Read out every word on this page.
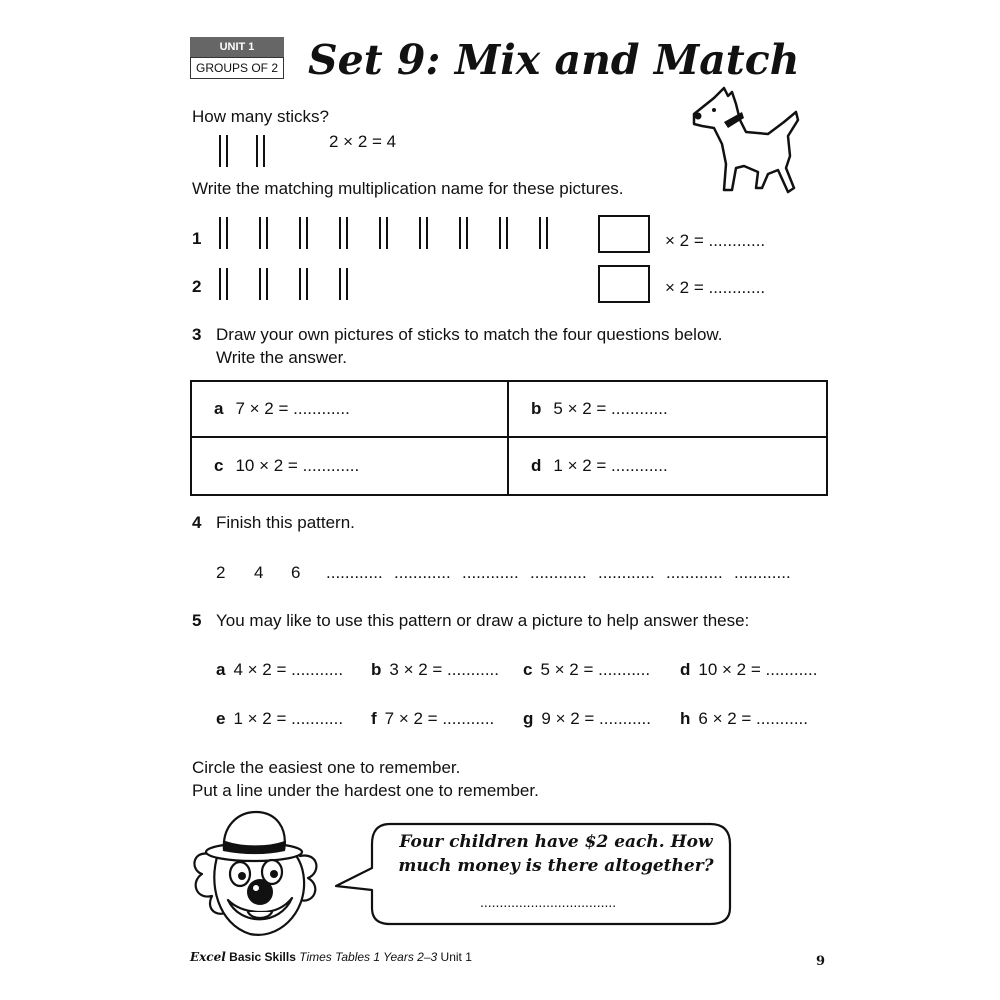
UNIT 1
GROUPS OF 2 Set 9: Mix and Match
How many sticks?
2 × 2 = 4
Write the matching multiplication name for these pictures.
1	× 2 = ............
2	× 2 = ............
3 Draw your own pictures of sticks to match the four questions below.
Write the answer.
a 7 × 2 = ............	b 5 × 2 = ............
c 10 × 2 = ............	d 1 × 2 = ............
4 Finish this pattern.
2	4	6	............ ............ ............ ............ ............ ............ ............
5 You may like to use this pattern or draw a picture to help answer these:
a 4 × 2 = ........... b 3 × 2 = ........... c 5 × 2 = ........... d 10 × 2 = ...........
e 1 × 2 = ........... f 7 × 2 = ........... g 9 × 2 = ........... h 6 × 2 = ...........
Circle the easiest one to remember.
Put a line under the hardest one to remember.
Four children have $2 each. How
much money is there altogether?
...................................
Excel Basic Skills Times Tables 1 Years 2–3 Unit 1	9
